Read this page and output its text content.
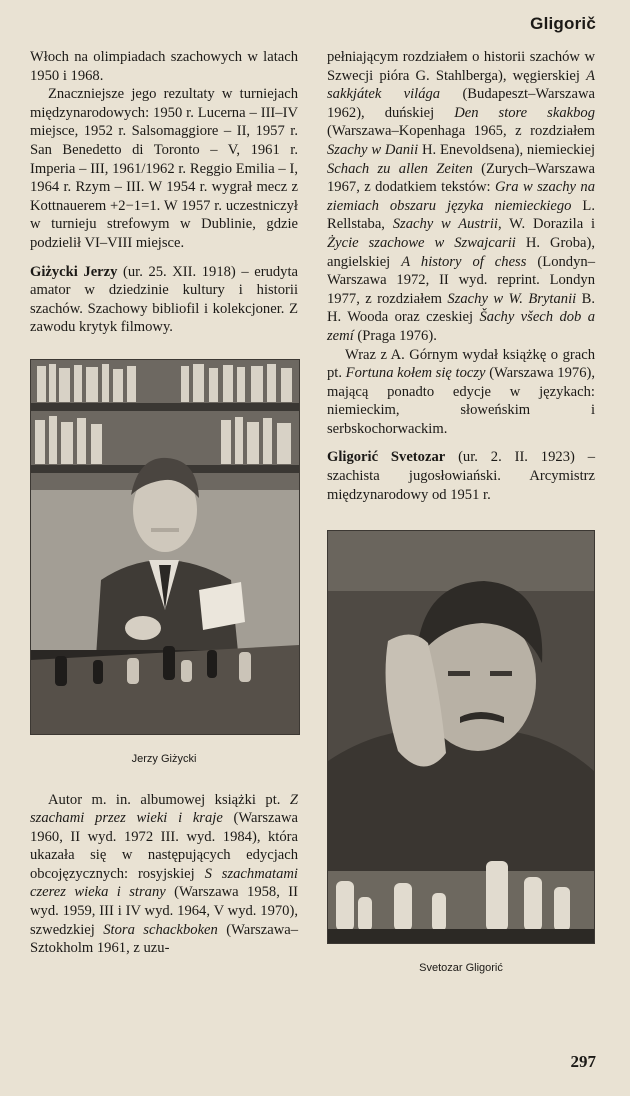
Gligorič

Włoch na olimpiadach szachowych w latach 1950 i 1968.

Znaczniejsze jego rezultaty w turniejach międzynarodowych: 1950 r. Lucerna – III–IV miejsce, 1952 r. Salsomaggiore – II, 1957 r. San Benedetto di Toronto – V, 1961 r. Imperia – III, 1961/1962 r. Reggio Emilia – I, 1964 r. Rzym – III. W 1954 r. wygrał mecz z Kottnauerem +2−1=1. W 1957 r. uczestniczył w turnieju strefowym w Dublinie, gdzie podzielił VI–VIII miejsce.

Giżycki Jerzy (ur. 25. XII. 1918) – erudyta amator w dziedzinie kultury i historii szachów. Szachowy bibliofil i kolekcjoner. Z zawodu krytyk filmowy.

Jerzy Giżycki

Autor m. in. albumowej książki pt. Z szachami przez wieki i kraje (Warszawa 1960, II wyd. 1972 III. wyd. 1984), która ukazała się w następujących edycjach obcojęzycznych: rosyjskiej S szachmatami czerez wieka i strany (Warszawa 1958, II wyd. 1959, III i IV wyd. 1964, V wyd. 1970), szwedzkiej Stora schackboken (Warszawa–Sztokholm 1961, z uzu-

pełniającym rozdziałem o historii szachów w Szwecji pióra G. Stahlberga), węgierskiej A sakkjátek világa (Budapeszt–Warszawa 1962), duńskiej Den store skakbog (Warszawa–Kopenhaga 1965, z rozdziałem Szachy w Danii H. Enevoldsena), niemieckiej Schach zu allen Zeiten (Zurych–Warszawa 1967, z dodatkiem tekstów: Gra w szachy na ziemiach obszaru języka niemieckiego L. Rellstaba, Szachy w Austrii, W. Dorazila i Życie szachowe w Szwajcarii H. Groba), angielskiej A history of chess (Londyn–Warszawa 1972, II wyd. reprint. Londyn 1977, z rozdziałem Szachy w W. Brytanii B. H. Wooda oraz czeskiej Šachy všech dob a zemí (Praga 1976).

Wraz z A. Górnym wydał książkę o grach pt. Fortuna kołem się toczy (Warszawa 1976), mającą ponadto edycje w językach: niemieckim, słoweńskim i serbskochorwackim.

Gligorić Svetozar (ur. 2. II. 1923) – szachista jugosłowiański. Arcymistrz międzynarodowy od 1951 r.

Svetozar Gligorić
297
